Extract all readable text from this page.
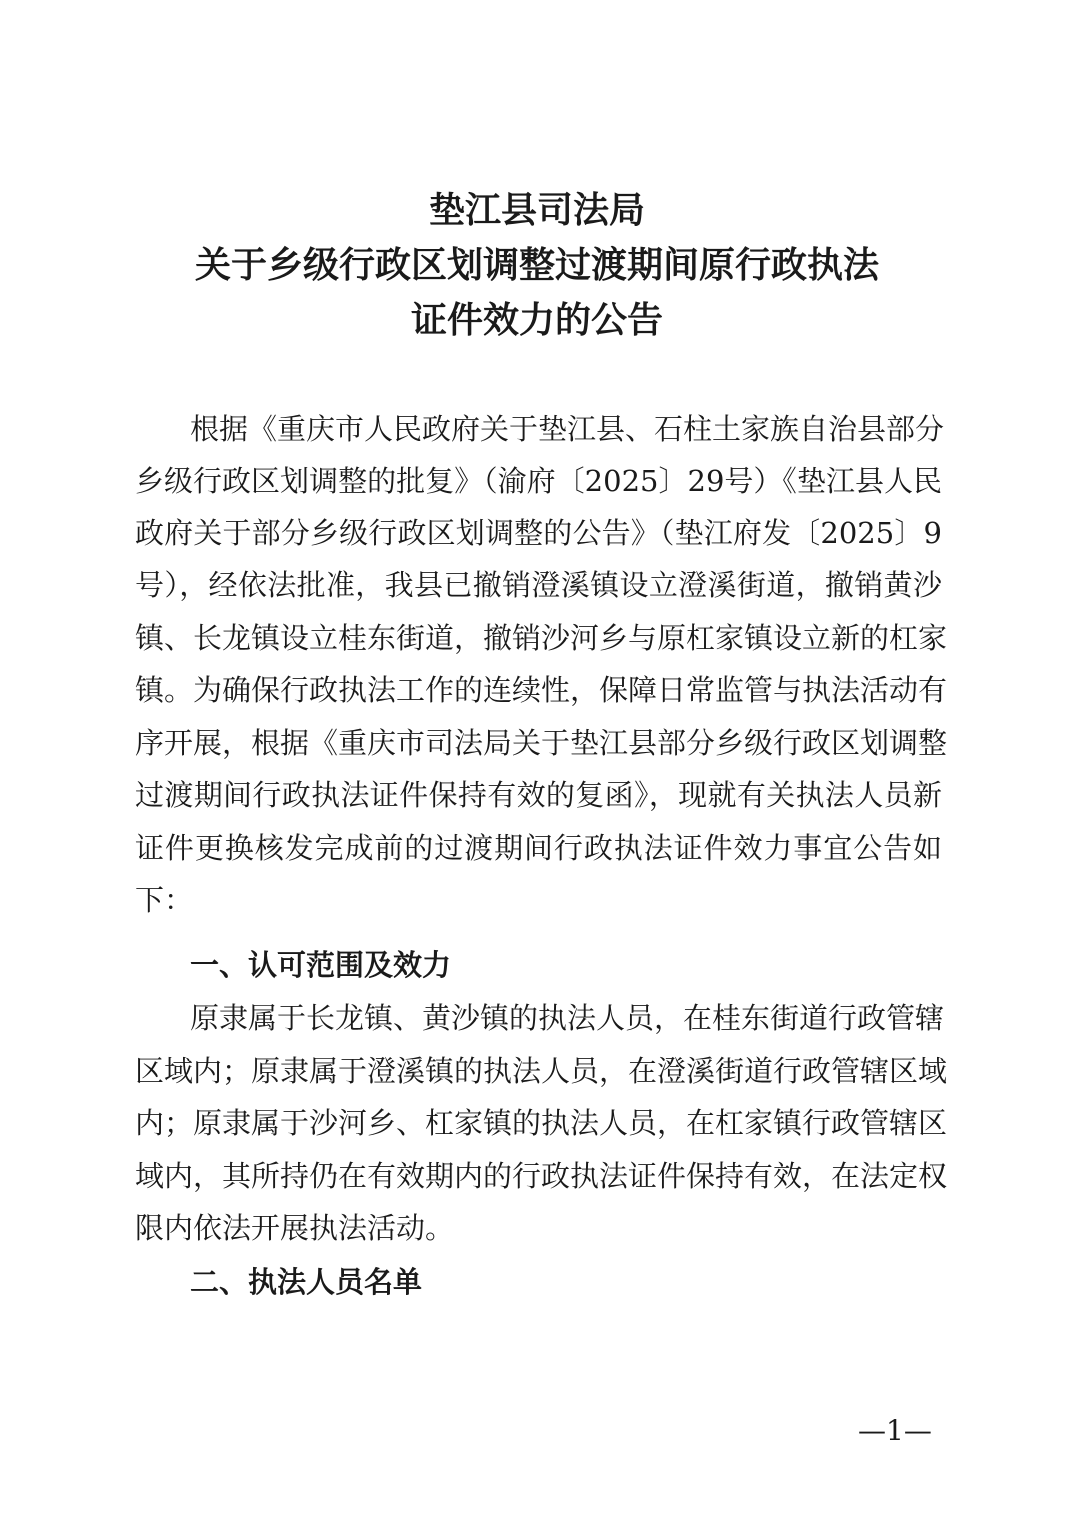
垫江县司法局
关于乡级行政区划调整过渡期间原行政执法
证件效力的公告
根据《重庆市人民政府关于垫江县、石柱土家族自治县部分
乡级行政区划调整的批复》（渝府〔2025〕29号）《垫江县人民
政府关于部分乡级行政区划调整的公告》（垫江府发〔2025〕9
号），经依法批准，我县已撤销澄溪镇设立澄溪街道，撤销黄沙
镇、长龙镇设立桂东街道，撤销沙河乡与原杠家镇设立新的杠家
镇。为确保行政执法工作的连续性，保障日常监管与执法活动有
序开展，根据《重庆市司法局关于垫江县部分乡级行政区划调整
过渡期间行政执法证件保持有效的复函》，现就有关执法人员新
证件更换核发完成前的过渡期间行政执法证件效力事宜公告如
下：
一、认可范围及效力
原隶属于长龙镇、黄沙镇的执法人员，在桂东街道行政管辖
区域内；原隶属于澄溪镇的执法人员，在澄溪街道行政管辖区域
内；原隶属于沙河乡、杠家镇的执法人员，在杠家镇行政管辖区
域内，其所持仍在有效期内的行政执法证件保持有效，在法定权
限内依法开展执法活动。
二、执法人员名单
—1—
